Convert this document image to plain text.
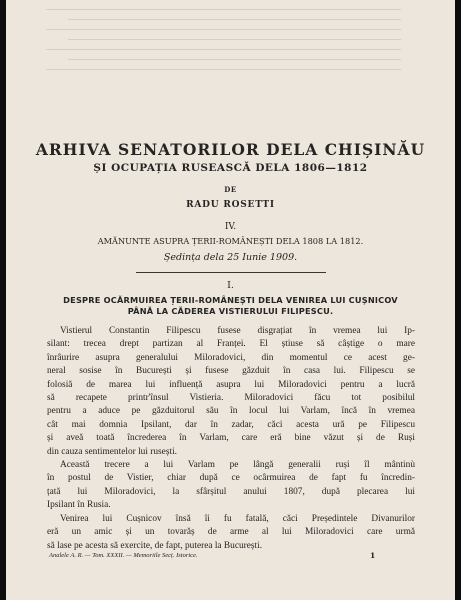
ARHIVA SENATORILOR DELA CHIȘINĂU
ȘI OCUPAȚIA RUSEASCĂ DELA 1806—1812
DE
RADU ROSETTI
IV.
AMĂNUNTE ASUPRA ȚERII-ROMÂNEȘTI DELA 1808 LA 1812.
Ședința dela 25 Iunie 1909.
I.
DESPRE OCĂRMUIREA ȚERII-ROMÂNEȘTI DELA VENIREA LUI CUȘNICOV
PÂNĂ LA CĂDEREA VISTIERULUI FILIPESCU.

Vistierul Constantin Filipescu fusese disgrațiat în vremea lui Ip-

silant: trecea drept partizan al Franței. El știuse să câștige o mare

înrâurire asupra generalului Miloradovici, din momentul ce acest ge-

neral sosise în București și fusese găzduit în casa lui. Filipescu se

folosiă de marea lui influență asupra lui Miloradovici pentru a lucră

să recapete printr'însul Vistieria. Miloradovici făcu tot posibilul

pentru a aduce pe găzduitorul său în locul lui Varlam, încă în vremea

cât mai domnia Ipsilant, dar în zadar, căci acesta ură pe Filipescu

și aveă toată încrederea în Varlam, care eră bine văzut și de Ruși

din cauza sentimentelor lui rusești.

Această trecere a lui Varlam pe lângă generalii ruși îl mântinù

în postul de Vistier, chiar după ce ocârmuirea de fapt fu încredin-

țată lui Miloradovici, la sfârșitul anului 1807, după plecarea lui

Ipsilant în Rusia.

Venirea lui Cușnicov însă îi fu fatală, căci Președintele Divanurilor

eră un amic și un tovarăș de arme al lui Miloradovici care urmă

să lase pe acesta să exercite, de fapt, puterea la București.

Analele A. R. — Tom. XXXII. — Memoriile Secț. Istorice.	1
